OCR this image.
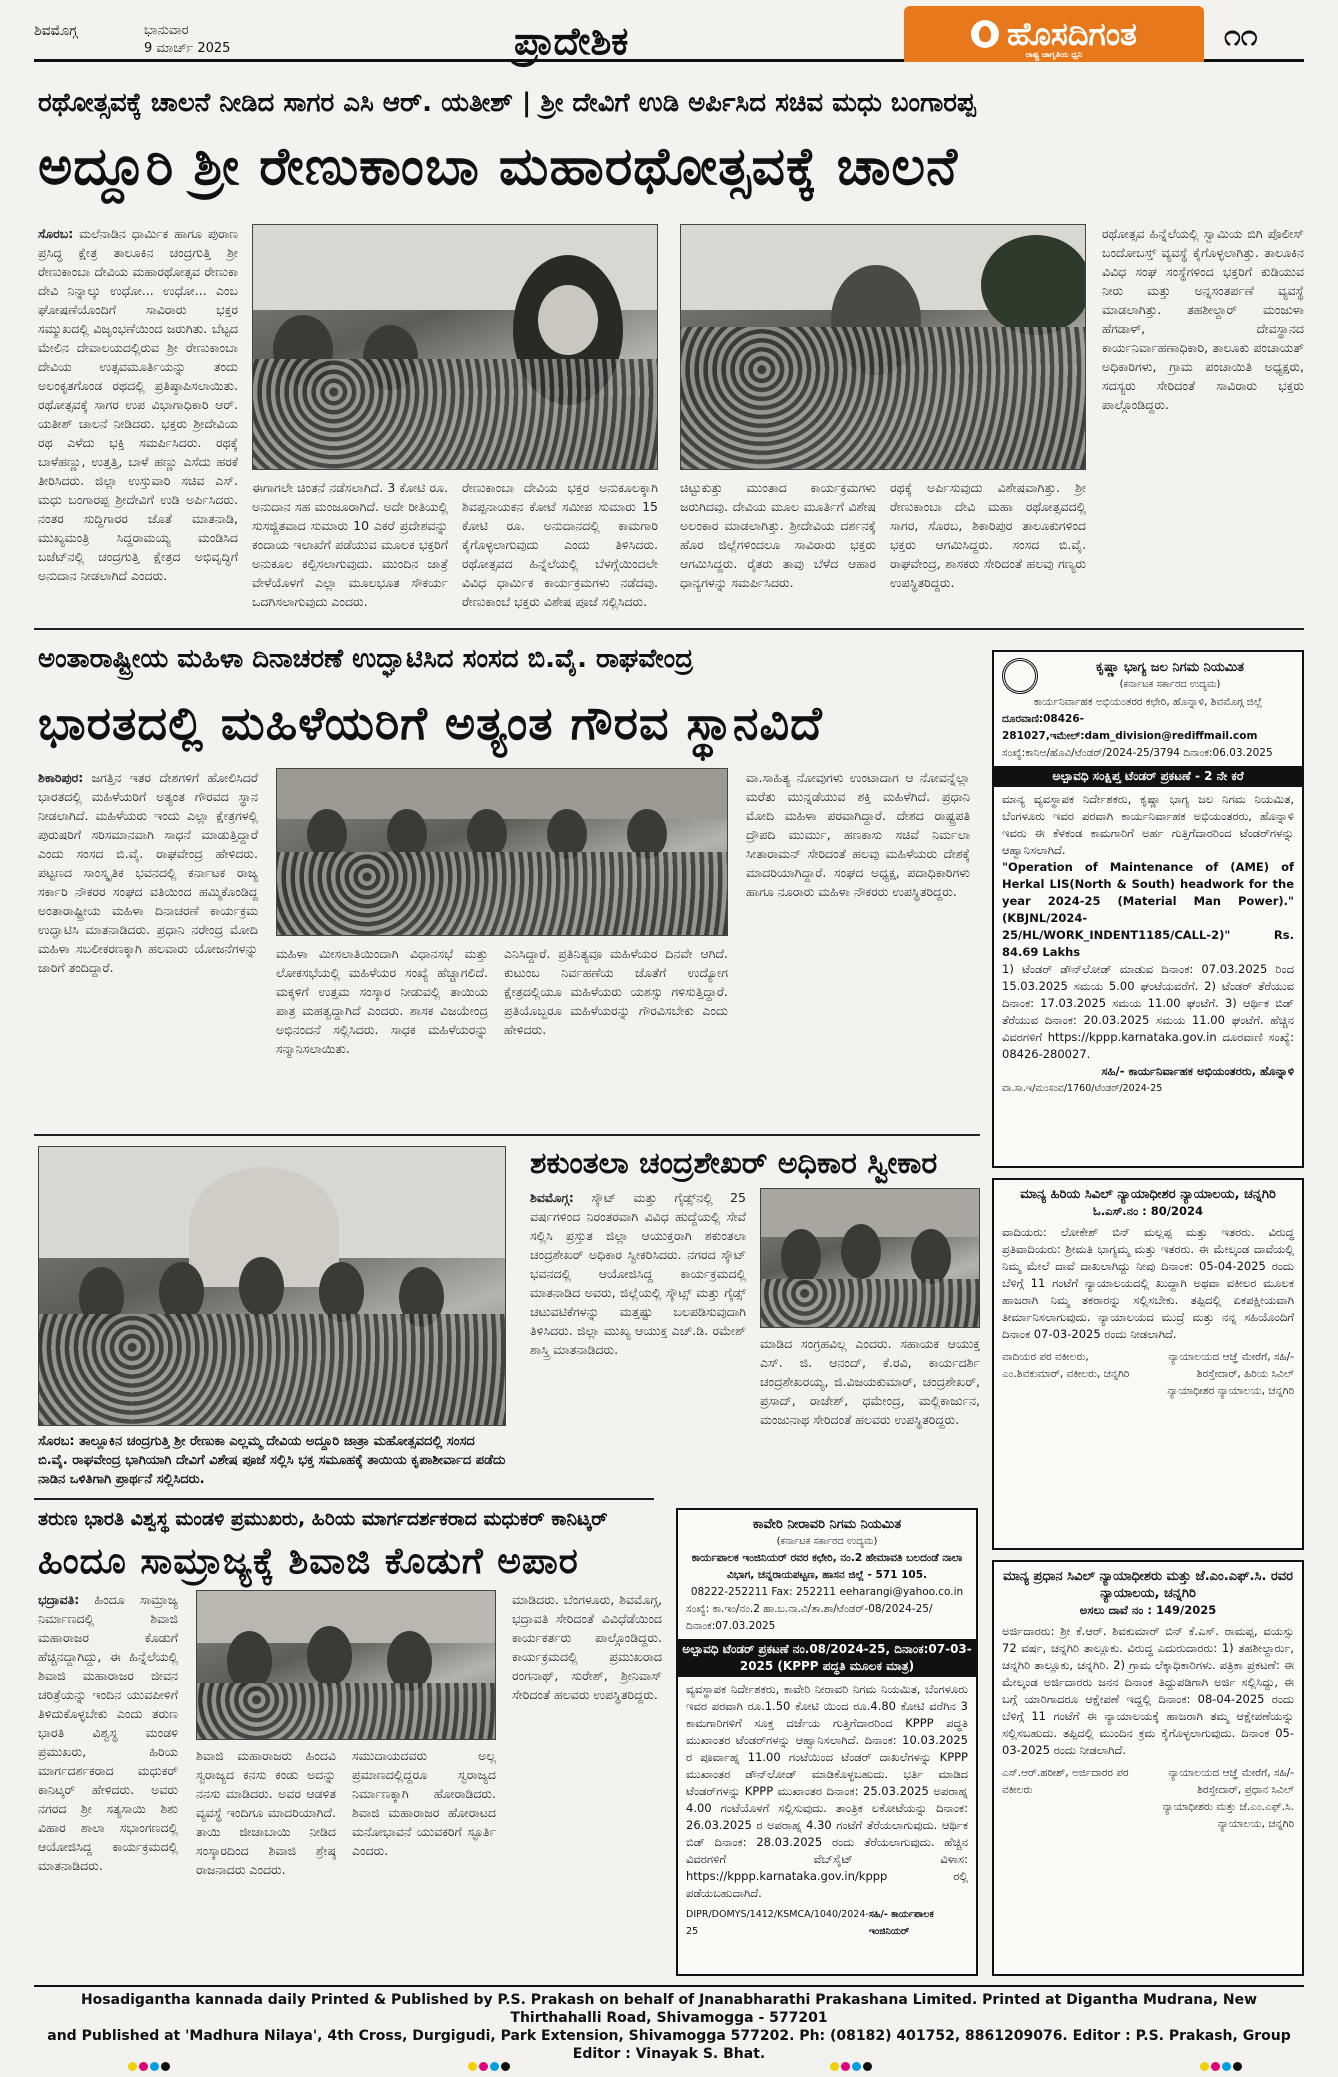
ಶಿವಮೊಗ್ಗ	ಭಾನುವಾರ
9 ಮಾರ್ಚ್ 2025	ಪ್ರಾದೇಶಿಕ	ಹೊಸದಿಗಂತ
ರಾಷ್ಟ್ರ ಜಾಗೃತಿಯ ಧ್ವನಿ
೧೧
ರಥೋತ್ಸವಕ್ಕೆ ಚಾಲನೆ ನೀಡಿದ ಸಾಗರ ಎಸಿ ಆರ್. ಯತೀಶ್ | ಶ್ರೀ ದೇವಿಗೆ ಉಡಿ ಅರ್ಪಿಸಿದ ಸಚಿವ ಮಧು ಬಂಗಾರಪ್ಪ
ಅದ್ದೂರಿ ಶ್ರೀ ರೇಣುಕಾಂಬಾ ಮಹಾರಥೋತ್ಸವಕ್ಕೆ ಚಾಲನೆ
ಸೊರಬ: ಮಲೆನಾಡಿನ ಧಾರ್ಮಿಕ ಹಾಗೂ ಪುರಾಣ ಪ್ರಸಿದ್ಧ ಕ್ಷೇತ್ರ ತಾಲೂಕಿನ ಚಂದ್ರಗುತ್ತಿ ಶ್ರೀ ರೇಣುಕಾಂಬಾ ದೇವಿಯ ಮಹಾರಥೋತ್ಸವ ರೇಣುಕಾ ದೇವಿ ನಿನ್ನಾಲ್ಕು ಉಧೋ... ಉಧೋ... ಎಂಬ ಘೋಷಣೆಯೊಂದಿಗೆ ಸಾವಿರಾರು ಭಕ್ತರ ಸಮ್ಮುಖದಲ್ಲಿ ವಿಜೃಂಭಣೆಯಿಂದ ಜರುಗಿತು. ಬೆಟ್ಟದ ಮೇಲಿನ ದೇವಾಲಯದಲ್ಲಿರುವ ಶ್ರೀ ರೇಣುಕಾಂಬಾ ದೇವಿಯ ಉತ್ಸವಮೂರ್ತಿಯನ್ನು ತಂದು ಅಲಂಕೃತಗೊಂಡ ರಥದಲ್ಲಿ ಪ್ರತಿಷ್ಠಾಪಿಸಲಾಯಿತು. ರಥೋತ್ಸವಕ್ಕೆ ಸಾಗರ ಉಪ ವಿಭಾಗಾಧಿಕಾರಿ ಆರ್. ಯತೀಶ್ ಚಾಲನೆ ನೀಡಿದರು. ಭಕ್ತರು ಶ್ರೀದೇವಿಯ ರಥ ಎಳೆದು ಭಕ್ತಿ ಸಮರ್ಪಿಸಿದರು. ರಥಕ್ಕೆ ಬಾಳೆಹಣ್ಣು, ಉತ್ತತ್ತಿ, ಬಾಳೆ ಹಣ್ಣು ಎಸೆದು ಹರಕೆ ತೀರಿಸಿದರು. ಜಿಲ್ಲಾ ಉಸ್ತುವಾರಿ ಸಚಿವ ಎಸ್. ಮಧು ಬಂಗಾರಪ್ಪ ಶ್ರೀದೇವಿಗೆ ಉಡಿ ಅರ್ಪಿಸಿದರು. ನಂತರ ಸುದ್ದಿಗಾರರ ಜೊತೆ ಮಾತನಾಡಿ, ಮುಖ್ಯಮಂತ್ರಿ ಸಿದ್ದರಾಮಯ್ಯ ಮಂಡಿಸಿದ ಬಜೆಟ್‌ನಲ್ಲಿ ಚಂದ್ರಗುತ್ತಿ ಕ್ಷೇತ್ರದ ಅಭಿವೃದ್ಧಿಗೆ ಅನುದಾನ ನೀಡಲಾಗಿದೆ ಎಂದರು.
ರಥೋತ್ಸವ ಹಿನ್ನೆಲೆಯಲ್ಲಿ ಸ್ವಾಮಿಯ ಬಿಗಿ ಪೊಲೀಸ್ ಬಂದೋಬಸ್ತ್ ವ್ಯವಸ್ಥೆ ಕೈಗೊಳ್ಳಲಾಗಿತ್ತು. ತಾಲೂಕಿನ ವಿವಿಧ ಸಂಘ ಸಂಸ್ಥೆಗಳಿಂದ ಭಕ್ತರಿಗೆ ಕುಡಿಯುವ ನೀರು ಮತ್ತು ಅನ್ನಸಂತರ್ಪಣೆ ವ್ಯವಸ್ಥೆ ಮಾಡಲಾಗಿತ್ತು. ತಹಶೀಲ್ದಾರ್ ಮಂಜುಳಾ ಹೆಗಡಾಳ್, ದೇವಸ್ಥಾನದ ಕಾರ್ಯನಿರ್ವಾಹಣಾಧಿಕಾರಿ, ತಾಲೂಕು ಪಂಚಾಯತ್ ಅಧಿಕಾರಿಗಳು, ಗ್ರಾಮ ಪಂಚಾಯಿತಿ ಅಧ್ಯಕ್ಷರು, ಸದಸ್ಯರು ಸೇರಿದಂತೆ ಸಾವಿರಾರು ಭಕ್ತರು ಪಾಲ್ಗೊಂಡಿದ್ದರು.
ಈಗಾಗಲೇ ಚಿಂತನೆ ನಡೆಸಲಾಗಿದೆ. 3 ಕೋಟಿ ರೂ. ಅನುದಾನ ಸಹ ಮಂಜೂರಾಗಿದೆ. ಅದೇ ರೀತಿಯಲ್ಲಿ ಸುಸಜ್ಜಿತವಾದ ಸುಮಾರು 10 ಎಕರೆ ಪ್ರದೇಶವನ್ನು ಕಂದಾಯ ಇಲಾಖೆಗೆ ಪಡೆಯುವ ಮೂಲಕ ಭಕ್ತರಿಗೆ ಅನುಕೂಲ ಕಲ್ಪಿಸಲಾಗುವುದು. ಮುಂದಿನ ಜಾತ್ರೆ ವೇಳೆಯೊಳಗೆ ಎಲ್ಲಾ ಮೂಲಭೂತ ಸೌಕರ್ಯ ಒದಗಿಸಲಾಗುವುದು ಎಂದರು.
ರೇಣುಕಾಂಬಾ ದೇವಿಯ ಭಕ್ತರ ಅನುಕೂಲಕ್ಕಾಗಿ ಶಿವಪ್ಪನಾಯಕನ ಕೋಟೆ ಸಮೀಪ ಸುಮಾರು 15 ಕೋಟಿ ರೂ. ಅನುದಾನದಲ್ಲಿ ಕಾಮಗಾರಿ ಕೈಗೊಳ್ಳಲಾಗುವುದು ಎಂದು ತಿಳಿಸಿದರು. ರಥೋತ್ಸವದ ಹಿನ್ನೆಲೆಯಲ್ಲಿ ಬೆಳಗ್ಗೆಯಿಂದಲೇ ವಿವಿಧ ಧಾರ್ಮಿಕ ಕಾರ್ಯಕ್ರಮಗಳು ನಡೆದವು. ರೇಣುಕಾಂಬೆ ಭಕ್ತರು ವಿಶೇಷ ಪೂಜೆ ಸಲ್ಲಿಸಿದರು.
ಚಿಟ್ಟುಕುತ್ತು ಮುಂತಾದ ಕಾರ್ಯಕ್ರಮಗಳು ಜರುಗಿದವು. ದೇವಿಯ ಮೂಲ ಮೂರ್ತಿಗೆ ವಿಶೇಷ ಅಲಂಕಾರ ಮಾಡಲಾಗಿತ್ತು. ಶ್ರೀದೇವಿಯ ದರ್ಶನಕ್ಕೆ ಹೊರ ಜಿಲ್ಲೆಗಳಿಂದಲೂ ಸಾವಿರಾರು ಭಕ್ತರು ಆಗಮಿಸಿದ್ದರು. ರೈತರು ತಾವು ಬೆಳೆದ ಆಹಾರ ಧಾನ್ಯಗಳನ್ನು ಸಮರ್ಪಿಸಿದರು.
ರಥಕ್ಕೆ ಅರ್ಪಿಸುವುದು ವಿಶೇಷವಾಗಿತ್ತು. ಶ್ರೀ ರೇಣುಕಾಂಬಾ ದೇವಿ ಮಹಾ ರಥೋತ್ಸವದಲ್ಲಿ ಸಾಗರ, ಸೊರಬ, ಶಿಕಾರಿಪುರ ತಾಲೂಕುಗಳಿಂದ ಭಕ್ತರು ಆಗಮಿಸಿದ್ದರು. ಸಂಸದ ಬಿ.ವೈ. ರಾಘವೇಂದ್ರ, ಶಾಸಕರು ಸೇರಿದಂತೆ ಹಲವು ಗಣ್ಯರು ಉಪಸ್ಥಿತರಿದ್ದರು.
ಅಂತಾರಾಷ್ಟ್ರೀಯ ಮಹಿಳಾ ದಿನಾಚರಣೆ ಉದ್ಘಾಟಿಸಿದ ಸಂಸದ ಬಿ.ವೈ. ರಾಘವೇಂದ್ರ
ಭಾರತದಲ್ಲಿ ಮಹಿಳೆಯರಿಗೆ ಅತ್ಯಂತ ಗೌರವ ಸ್ಥಾನವಿದೆ
ಶಿಕಾರಿಪುರ: ಜಗತ್ತಿನ ಇತರ ದೇಶಗಳಿಗೆ ಹೋಲಿಸಿದರೆ ಭಾರತದಲ್ಲಿ ಮಹಿಳೆಯರಿಗೆ ಅತ್ಯಂತ ಗೌರವದ ಸ್ಥಾನ ನೀಡಲಾಗಿದೆ. ಮಹಿಳೆಯರು ಇಂದು ಎಲ್ಲಾ ಕ್ಷೇತ್ರಗಳಲ್ಲಿ ಪುರುಷರಿಗೆ ಸರಿಸಮಾನವಾಗಿ ಸಾಧನೆ ಮಾಡುತ್ತಿದ್ದಾರೆ ಎಂದು ಸಂಸದ ಬಿ.ವೈ. ರಾಘವೇಂದ್ರ ಹೇಳಿದರು. ಪಟ್ಟಣದ ಸಾಂಸ್ಕೃತಿಕ ಭವನದಲ್ಲಿ ಕರ್ನಾಟಕ ರಾಜ್ಯ ಸರ್ಕಾರಿ ನೌಕರರ ಸಂಘದ ವತಿಯಿಂದ ಹಮ್ಮಿಕೊಂಡಿದ್ದ ಅಂತಾರಾಷ್ಟ್ರೀಯ ಮಹಿಳಾ ದಿನಾಚರಣೆ ಕಾರ್ಯಕ್ರಮ ಉದ್ಘಾಟಿಸಿ ಮಾತನಾಡಿದರು. ಪ್ರಧಾನಿ ನರೇಂದ್ರ ಮೋದಿ ಮಹಿಳಾ ಸಬಲೀಕರಣಕ್ಕಾಗಿ ಹಲವಾರು ಯೋಜನೆಗಳನ್ನು ಜಾರಿಗೆ ತಂದಿದ್ದಾರೆ.
ಮಹಿಳಾ ಮೀಸಲಾತಿಯಿಂದಾಗಿ ವಿಧಾನಸಭೆ ಮತ್ತು ಲೋಕಸಭೆಯಲ್ಲಿ ಮಹಿಳೆಯರ ಸಂಖ್ಯೆ ಹೆಚ್ಚಾಗಲಿದೆ. ಮಕ್ಕಳಿಗೆ ಉತ್ತಮ ಸಂಸ್ಕಾರ ನೀಡುವಲ್ಲಿ ತಾಯಿಯ ಪಾತ್ರ ಮಹತ್ವದ್ದಾಗಿದೆ ಎಂದರು. ಶಾಸಕ ವಿಜಯೇಂದ್ರ ಅಭಿನಂದನೆ ಸಲ್ಲಿಸಿದರು. ಸಾಧಕ ಮಹಿಳೆಯರನ್ನು ಸನ್ಮಾನಿಸಲಾಯಿತು.
ಎನಿಸಿದ್ದಾರೆ. ಪ್ರತಿನಿತ್ಯವೂ ಮಹಿಳೆಯರ ದಿನವೇ ಆಗಿದೆ. ಕುಟುಂಬ ನಿರ್ವಹಣೆಯ ಜೊತೆಗೆ ಉದ್ಯೋಗ ಕ್ಷೇತ್ರದಲ್ಲಿಯೂ ಮಹಿಳೆಯರು ಯಶಸ್ಸು ಗಳಿಸುತ್ತಿದ್ದಾರೆ. ಪ್ರತಿಯೊಬ್ಬರೂ ಮಹಿಳೆಯರನ್ನು ಗೌರವಿಸಬೇಕು ಎಂದು ಹೇಳಿದರು.
ವಾ.ಸಾಹಿತ್ಯ ನೋವುಗಳು ಉಂಟಾದಾಗ ಆ ನೋವನ್ನೆಲ್ಲಾ ಮರೆತು ಮುನ್ನಡೆಯುವ ಶಕ್ತಿ ಮಹಿಳೆಗಿದೆ. ಪ್ರಧಾನಿ ಮೋದಿ ಮಹಿಳಾ ಪರವಾಗಿದ್ದಾರೆ. ದೇಶದ ರಾಷ್ಟ್ರಪತಿ ದ್ರೌಪದಿ ಮುರ್ಮು, ಹಣಕಾಸು ಸಚಿವೆ ನಿರ್ಮಲಾ ಸೀತಾರಾಮನ್ ಸೇರಿದಂತೆ ಹಲವು ಮಹಿಳೆಯರು ದೇಶಕ್ಕೆ ಮಾದರಿಯಾಗಿದ್ದಾರೆ. ಸಂಘದ ಅಧ್ಯಕ್ಷ, ಪದಾಧಿಕಾರಿಗಳು ಹಾಗೂ ನೂರಾರು ಮಹಿಳಾ ನೌಕರರು ಉಪಸ್ಥಿತರಿದ್ದರು.
ಕೃಷ್ಣಾ ಭಾಗ್ಯ ಜಲ ನಿಗಮ ನಿಯಮಿತ
(ಕರ್ನಾಟಕ ಸರ್ಕಾರದ ಉದ್ಯಮ)
ಕಾರ್ಯನಿರ್ವಾಹಕ ಅಭಿಯಂತರರ ಕಛೇರಿ, ಹೊನ್ನಾಳಿ, ಶಿವಮೊಗ್ಗ ಜಿಲ್ಲೆ
ದೂರವಾಣಿ:08426-281027,ಇಮೇಲ್:dam_division@rediffmail.com
ಸಂಖ್ಯೆ:ಕಾನಿಅ/ಹೊವಿ/ಟೆಂಡರ್/2024-25/3794 ದಿನಾಂಕ:06.03.2025
ಅಲ್ಪಾವಧಿ ಸಂಕ್ಷಿಪ್ತ ಟೆಂಡರ್ ಪ್ರಕಟಣೆ - 2 ನೇ ಕರೆ
ಮಾನ್ಯ ವ್ಯವಸ್ಥಾಪಕ ನಿರ್ದೇಶಕರು, ಕೃಷ್ಣಾ ಭಾಗ್ಯ ಜಲ ನಿಗಮ ನಿಯಮಿತ, ಬೆಂಗಳೂರು ಇವರ ಪರವಾಗಿ ಕಾರ್ಯನಿರ್ವಾಹಕ ಅಭಿಯಂತರರು, ಹೊನ್ನಾಳಿ ಇವರು ಈ ಕೆಳಕಂಡ ಕಾಮಗಾರಿಗೆ ಅರ್ಹ ಗುತ್ತಿಗೆದಾರರಿಂದ ಟೆಂಡರ್‌ಗಳನ್ನು ಆಹ್ವಾನಿಸಲಾಗಿದೆ.
"Operation of Maintenance of (AME) of Herkal LIS(North & South) headwork for the year 2024-25 (Material Man Power)." (KBJNL/2024-25/HL/WORK_INDENT1185/CALL-2)" Rs. 84.69 Lakhs
1) ಟೆಂಡರ್ ಡೌನ್‌ಲೋಡ್ ಮಾಡುವ ದಿನಾಂಕ: 07.03.2025 ರಿಂದ 15.03.2025 ಸಮಯ 5.00 ಘಂಟೆಯವರೆಗೆ. 2) ಟೆಂಡರ್ ತೆರೆಯುವ ದಿನಾಂಕ: 17.03.2025 ಸಮಯ 11.00 ಘಂಟೆಗೆ. 3) ಆರ್ಥಿಕ ಬಿಡ್ ತೆರೆಯುವ ದಿನಾಂಕ: 20.03.2025 ಸಮಯ 11.00 ಘಂಟೆಗೆ. ಹೆಚ್ಚಿನ ವಿವರಗಳಿಗೆ https://kppp.karnataka.gov.in ದೂರವಾಣಿ ಸಂಖ್ಯೆ: 08426-280027.
ಸಹಿ/- ಕಾರ್ಯನಿರ್ವಾಹಕ ಅಭಿಯಂತರರು, ಹೊನ್ನಾಳಿ
ವಾ.ಸಾ.ಇ/ಮಂಸಂವ/1760/ಟೆಂಡರ್/2024-25
ಸೊರಬ: ತಾಲ್ಲೂಕಿನ ಚಂದ್ರಗುತ್ತಿ ಶ್ರೀ ರೇಣುಕಾ ಎಲ್ಲಮ್ಮ ದೇವಿಯ ಅದ್ದೂರಿ ಜಾತ್ರಾ ಮಹೋತ್ಸವದಲ್ಲಿ ಸಂಸದ ಬಿ.ವೈ. ರಾಘವೇಂದ್ರ ಭಾಗಿಯಾಗಿ ದೇವಿಗೆ ವಿಶೇಷ ಪೂಜೆ ಸಲ್ಲಿಸಿ ಭಕ್ತ ಸಮೂಹಕ್ಕೆ ತಾಯಿಯ ಕೃಪಾಶೀರ್ವಾದ ಪಡೆದು ನಾಡಿನ ಒಳಿತಿಗಾಗಿ ಪ್ರಾರ್ಥನೆ ಸಲ್ಲಿಸಿದರು.
ಶಕುಂತಲಾ ಚಂದ್ರಶೇಖರ್ ಅಧಿಕಾರ ಸ್ವೀಕಾರ
ಶಿವಮೊಗ್ಗ: ಸ್ಕೌಟ್ ಮತ್ತು ಗೈಡ್ಸ್‌ನಲ್ಲಿ 25 ವರ್ಷಗಳಿಂದ ನಿರಂತರವಾಗಿ ವಿವಿಧ ಹುದ್ದೆಯಲ್ಲಿ ಸೇವೆ ಸಲ್ಲಿಸಿ ಪ್ರಸ್ತುತ ಜಿಲ್ಲಾ ಆಯುಕ್ತರಾಗಿ ಶಕುಂತಲಾ ಚಂದ್ರಶೇಖರ್ ಅಧಿಕಾರ ಸ್ವೀಕರಿಸಿದರು. ನಗರದ ಸ್ಕೌಟ್ ಭವನದಲ್ಲಿ ಆಯೋಜಿಸಿದ್ದ ಕಾರ್ಯಕ್ರಮದಲ್ಲಿ ಮಾತನಾಡಿದ ಅವರು, ಜಿಲ್ಲೆಯಲ್ಲಿ ಸ್ಕೌಟ್ಸ್ ಮತ್ತು ಗೈಡ್ಸ್ ಚಟುವಟಿಕೆಗಳನ್ನು ಮತ್ತಷ್ಟು ಬಲಪಡಿಸುವುದಾಗಿ ತಿಳಿಸಿದರು. ಜಿಲ್ಲಾ ಮುಖ್ಯ ಆಯುಕ್ತ ಎಚ್.ಡಿ. ರಮೇಶ್ ಶಾಸ್ತ್ರಿ ಮಾತನಾಡಿದರು.	ಮಾಡಿದ ಸಂಗ್ರಹವಿಲ್ಲ ಎಂದರು. ಸಹಾಯಕ ಆಯುಕ್ತ ಎಸ್. ಜಿ. ಆನಂದ್, ಕೆ.ರವಿ, ಕಾರ್ಯದರ್ಶಿ ಚಂದ್ರಶೇಖರಯ್ಯ, ಜಿ.ವಿಜಯಕುಮಾರ್, ಚಂದ್ರಶೇಖರ್, ಪ್ರಸಾದ್, ರಾಜೇಶ್, ಧಮೇಂದ್ರ, ಮಲ್ಲಿಕಾರ್ಜುನ, ಮಂಜುನಾಥ ಸೇರಿದಂತೆ ಹಲವರು ಉಪಸ್ಥಿತರಿದ್ದರು.
ಮಾನ್ಯ ಹಿರಿಯ ಸಿವಿಲ್ ನ್ಯಾಯಾಧೀಶರ ನ್ಯಾಯಾಲಯ, ಚನ್ನಗಿರಿ
ಓ.ಎಸ್.ನಂ : 80/2024
ವಾದಿಯರು: ಲೋಕೇಶ್ ಬಿನ್ ಮಲ್ಲಪ್ಪ ಮತ್ತು ಇತರರು. ವಿರುದ್ಧ ಪ್ರತಿವಾದಿಯರು: ಶ್ರೀಮತಿ ಭಾಗ್ಯಮ್ಮ ಮತ್ತು ಇತರರು. ಈ ಮೇಲ್ಕಂಡ ದಾವೆಯಲ್ಲಿ ನಿಮ್ಮ ಮೇಲೆ ದಾವೆ ದಾಖಲಾಗಿದ್ದು ನೀವು ದಿನಾಂಕ: 05-04-2025 ರಂದು ಬೆಳಿಗ್ಗೆ 11 ಗಂಟೆಗೆ ನ್ಯಾಯಾಲಯದಲ್ಲಿ ಖುದ್ದಾಗಿ ಅಥವಾ ವಕೀಲರ ಮೂಲಕ ಹಾಜರಾಗಿ ನಿಮ್ಮ ತಕರಾರನ್ನು ಸಲ್ಲಿಸಬೇಕು. ತಪ್ಪಿದಲ್ಲಿ ಏಕಪಕ್ಷೀಯವಾಗಿ ತೀರ್ಮಾನಿಸಲಾಗುವುದು. ನ್ಯಾಯಾಲಯದ ಮುದ್ರೆ ಮತ್ತು ನನ್ನ ಸಹಿಯೊಂದಿಗೆ ದಿನಾಂಕ 07-03-2025 ರಂದು ನೀಡಲಾಗಿದೆ.
ವಾದಿಯರ ಪರ ವಕೀಲರು, ಎಂ.ಶಿವಕುಮಾರ್, ವಕೀಲರು, ಚನ್ನಗಿರಿ
ನ್ಯಾಯಾಲಯದ ಆಜ್ಞೆ ಮೇರೆಗೆ, ಸಹಿ/-ಶಿರಸ್ತೇದಾರ್, ಹಿರಿಯ ಸಿವಿಲ್ ನ್ಯಾಯಾಧೀಶರ ನ್ಯಾಯಾಲಯ, ಚನ್ನಗಿರಿ
ತರುಣ ಭಾರತಿ ವಿಶ್ವಸ್ಥ ಮಂಡಳಿ ಪ್ರಮುಖರು, ಹಿರಿಯ ಮಾರ್ಗದರ್ಶಕರಾದ ಮಧುಕರ್ ಕಾನಿಟ್ಕರ್
ಹಿಂದೂ ಸಾಮ್ರಾಜ್ಯಕ್ಕೆ ಶಿವಾಜಿ ಕೊಡುಗೆ ಅಪಾರ
ಭದ್ರಾವತಿ: ಹಿಂದೂ ಸಾಮ್ರಾಜ್ಯ ನಿರ್ಮಾಣದಲ್ಲಿ ಶಿವಾಜಿ ಮಹಾರಾಜರ ಕೊಡುಗೆ ಹೆಚ್ಚಿನದ್ದಾಗಿದ್ದು, ಈ ಹಿನ್ನೆಲೆಯಲ್ಲಿ ಶಿವಾಜಿ ಮಹಾರಾಜರ ಜೀವನ ಚರಿತ್ರೆಯನ್ನು ಇಂದಿನ ಯುವಪೀಳಿಗೆ ತಿಳಿದುಕೊಳ್ಳಬೇಕು ಎಂದು ತರುಣ ಭಾರತಿ ವಿಶ್ವಸ್ಥ ಮಂಡಳಿ ಪ್ರಮುಖರು, ಹಿರಿಯ ಮಾರ್ಗದರ್ಶಕರಾದ ಮಧುಕರ್ ಕಾನಿಟ್ಕರ್ ಹೇಳಿದರು. ಅವರು ನಗರದ ಶ್ರೀ ಸತ್ಯಸಾಯಿ ಶಿಶು ವಿಹಾರ ಶಾಲಾ ಸಭಾಂಗಣದಲ್ಲಿ ಆಯೋಜಿಸಿದ್ದ ಕಾರ್ಯಕ್ರಮದಲ್ಲಿ ಮಾತನಾಡಿದರು.
ಶಿವಾಜಿ ಮಹಾರಾಜರು ಹಿಂದವಿ ಸ್ವರಾಜ್ಯದ ಕನಸು ಕಂಡು ಅದನ್ನು ನನಸು ಮಾಡಿದರು. ಅವರ ಆಡಳಿತ ವ್ಯವಸ್ಥೆ ಇಂದಿಗೂ ಮಾದರಿಯಾಗಿದೆ. ತಾಯಿ ಜೀಜಾಬಾಯಿ ನೀಡಿದ ಸಂಸ್ಕಾರದಿಂದ ಶಿವಾಜಿ ಶ್ರೇಷ್ಠ ರಾಜನಾದರು ಎಂದರು.
ಸಮುದಾಯದವರು ಅಲ್ಲ ಪ್ರಮಾಣದಲ್ಲಿದ್ದರೂ ಸ್ವರಾಜ್ಯದ ನಿರ್ಮಾಣಕ್ಕಾಗಿ ಹೋರಾಡಿದರು. ಶಿವಾಜಿ ಮಹಾರಾಜರ ಹೋರಾಟದ ಮನೋಭಾವನೆ ಯುವಕರಿಗೆ ಸ್ಫೂರ್ತಿ ಎಂದರು.
ಮಾಡಿದರು. ಬೆಂಗಳೂರು, ಶಿವಮೊಗ್ಗ, ಭದ್ರಾವತಿ ಸೇರಿದಂತೆ ವಿವಿಧೆಡೆಯಿಂದ ಕಾರ್ಯಕರ್ತರು ಪಾಲ್ಗೊಂಡಿದ್ದರು. ಕಾರ್ಯಕ್ರಮದಲ್ಲಿ ಪ್ರಮುಖರಾದ ರಂಗನಾಥ್, ಸುರೇಶ್, ಶ್ರೀನಿವಾಸ್ ಸೇರಿದಂತೆ ಹಲವರು ಉಪಸ್ಥಿತರಿದ್ದರು.
ಕಾವೇರಿ ನೀರಾವರಿ ನಿಗಮ ನಿಯಮಿತ
(ಕರ್ನಾಟಕ ಸರ್ಕಾರದ ಉದ್ಯಮ)
ಕಾರ್ಯಪಾಲಕ ಇಂಜಿನಿಯರ್ ರವರ ಕಛೇರಿ, ನಂ.2 ಹೇಮಾವತಿ ಬಲದಂಡೆ ನಾಲಾ ವಿಭಾಗ, ಚನ್ನರಾಯಪಟ್ಟಣ, ಹಾಸನ ಜಿಲ್ಲೆ - 571 105.
08222-252211 Fax: 252211 eeharangi@yahoo.co.in
ಸಂಖ್ಯೆ: ಕಾ.ಇಂ/ನಂ.2 ಹಾ.ಬ.ನಾ.ವಿ/ತಾ.ಶಾ/ಟೆಂಡರ್-08/2024-25/ದಿನಾಂಕ:07.03.2025
ಅಲ್ಪಾವಧಿ ಟೆಂಡರ್ ಪ್ರಕಟಣೆ ನಂ.08/2024-25, ದಿನಾಂಕ:07-03-2025 (KPPP ಪದ್ಧತಿ ಮೂಲಕ ಮಾತ್ರ)
ವ್ಯವಸ್ಥಾಪಕ ನಿರ್ದೇಶಕರು, ಕಾವೇರಿ ನೀರಾವರಿ ನಿಗಮ ನಿಯಮಿತ, ಬೆಂಗಳೂರು ಇವರ ಪರವಾಗಿ ರೂ.1.50 ಕೋಟಿ ಯಿಂದ ರೂ.4.80 ಕೋಟಿ ವರೆಗಿನ 3 ಕಾಮಗಾರಿಗಳಿಗೆ ಸೂಕ್ತ ದರ್ಜೆಯ ಗುತ್ತಿಗೆದಾರರಿಂದ KPPP ಪದ್ಧತಿ ಮುಖಾಂತರ ಟೆಂಡರ್‌ಗಳನ್ನು ಆಹ್ವಾನಿಸಲಾಗಿದೆ. ದಿನಾಂಕ: 10.03.2025 ರ ಪೂರ್ವಾಹ್ನ 11.00 ಗಂಟೆಯಿಂದ ಟೆಂಡರ್ ದಾಖಲೆಗಳನ್ನು KPPP ಮುಖಾಂತರ ಡೌನ್‌ಲೋಡ್ ಮಾಡಿಕೊಳ್ಳಬಹುದು. ಭರ್ತಿ ಮಾಡಿದ ಟೆಂಡರ್‌ಗಳನ್ನು KPPP ಮುಖಾಂತರ ದಿನಾಂಕ: 25.03.2025 ಅಪರಾಹ್ನ 4.00 ಗಂಟೆಯೊಳಗೆ ಸಲ್ಲಿಸುವುದು. ತಾಂತ್ರಿಕ ಲಕೋಟೆಯನ್ನು ದಿನಾಂಕ: 26.03.2025 ರ ಅಪರಾಹ್ನ 4.30 ಗಂಟೆಗೆ ತೆರೆಯಲಾಗುವುದು. ಆರ್ಥಿಕ ಬಿಡ್ ದಿನಾಂಕ: 28.03.2025 ರಂದು ತೆರೆಯಲಾಗುವುದು. ಹೆಚ್ಚಿನ ವಿವರಗಳಿಗೆ ವೆಬ್‌ಸೈಟ್ ವಿಳಾಸ: https://kppp.karnataka.gov.in/kppp ರಲ್ಲಿ ಪಡೆಯಬಹುದಾಗಿದೆ.
DIPR/DOMYS/1412/KSMCA/1040/2024-25
ಸಹಿ/- ಕಾರ್ಯಪಾಲಕ ಇಂಜಿನಿಯರ್
ಮಾನ್ಯ ಪ್ರಧಾನ ಸಿವಿಲ್ ನ್ಯಾಯಾಧೀಶರು ಮತ್ತು ಜೆ.ಎಂ.ಎಫ್.ಸಿ. ರವರ ನ್ಯಾಯಾಲಯ, ಚನ್ನಗಿರಿ
ಅಸಲು ದಾವೆ ನಂ : 149/2025
ಅರ್ಜಿದಾರರು: ಶ್ರೀ ಕೆ.ಆರ್. ಶಿವಕುಮಾರ್ ಬಿನ್ ಕೆ.ಎಸ್. ರಾಮಪ್ಪ, ವಯಸ್ಸು 72 ವರ್ಷ, ಚನ್ನಗಿರಿ ತಾಲ್ಲೂಕು. ವಿರುದ್ಧ ಎದುರುದಾರರು: 1) ತಹಶೀಲ್ದಾರ್ರು, ಚನ್ನಗಿರಿ ತಾಲ್ಲೂಕು, ಚನ್ನಗಿರಿ. 2) ಗ್ರಾಮ ಲೆಕ್ಕಾಧಿಕಾರಿಗಳು. ಪತ್ರಿಕಾ ಪ್ರಕಟಣೆ: ಈ ಮೇಲ್ಕಂಡ ಅರ್ಜಿದಾರರು ಜನನ ದಿನಾಂಕ ತಿದ್ದುಪಡಿಗಾಗಿ ಅರ್ಜಿ ಸಲ್ಲಿಸಿದ್ದು, ಈ ಬಗ್ಗೆ ಯಾರಿಗಾದರೂ ಆಕ್ಷೇಪಣೆ ಇದ್ದಲ್ಲಿ ದಿನಾಂಕ: 08-04-2025 ರಂದು ಬೆಳಿಗ್ಗೆ 11 ಗಂಟೆಗೆ ಈ ನ್ಯಾಯಾಲಯಕ್ಕೆ ಹಾಜರಾಗಿ ತಮ್ಮ ಆಕ್ಷೇಪಣೆಯನ್ನು ಸಲ್ಲಿಸಬಹುದು. ತಪ್ಪಿದಲ್ಲಿ ಮುಂದಿನ ಕ್ರಮ ಕೈಗೊಳ್ಳಲಾಗುವುದು. ದಿನಾಂಕ 05-03-2025 ರಂದು ನೀಡಲಾಗಿದೆ.
ಎಸ್.ಆರ್.ಹರೀಶ್, ಅರ್ಜಿದಾರರ ಪರ ವಕೀಲರು
ನ್ಯಾಯಾಲಯದ ಆಜ್ಞೆ ಮೇರೆಗೆ, ಸಹಿ/-ಶಿರಸ್ತೇದಾರ್, ಪ್ರಧಾನ ಸಿವಿಲ್ ನ್ಯಾಯಾಧೀಶರು ಮತ್ತು ಜೆ.ಎಂ.ಎಫ್.ಸಿ. ನ್ಯಾಯಾಲಯ, ಚನ್ನಗಿರಿ
Hosadigantha kannada daily Printed & Published by P.S. Prakash on behalf of Jnanabharathi Prakashana Limited. Printed at Digantha Mudrana, New Thirthahalli Road, Shivamogga - 577201
and Published at 'Madhura Nilaya', 4th Cross, Durgigudi, Park Extension, Shivamogga 577202. Ph: (08182) 401752, 8861209076. Editor : P.S. Prakash, Group Editor : Vinayak S. Bhat.
